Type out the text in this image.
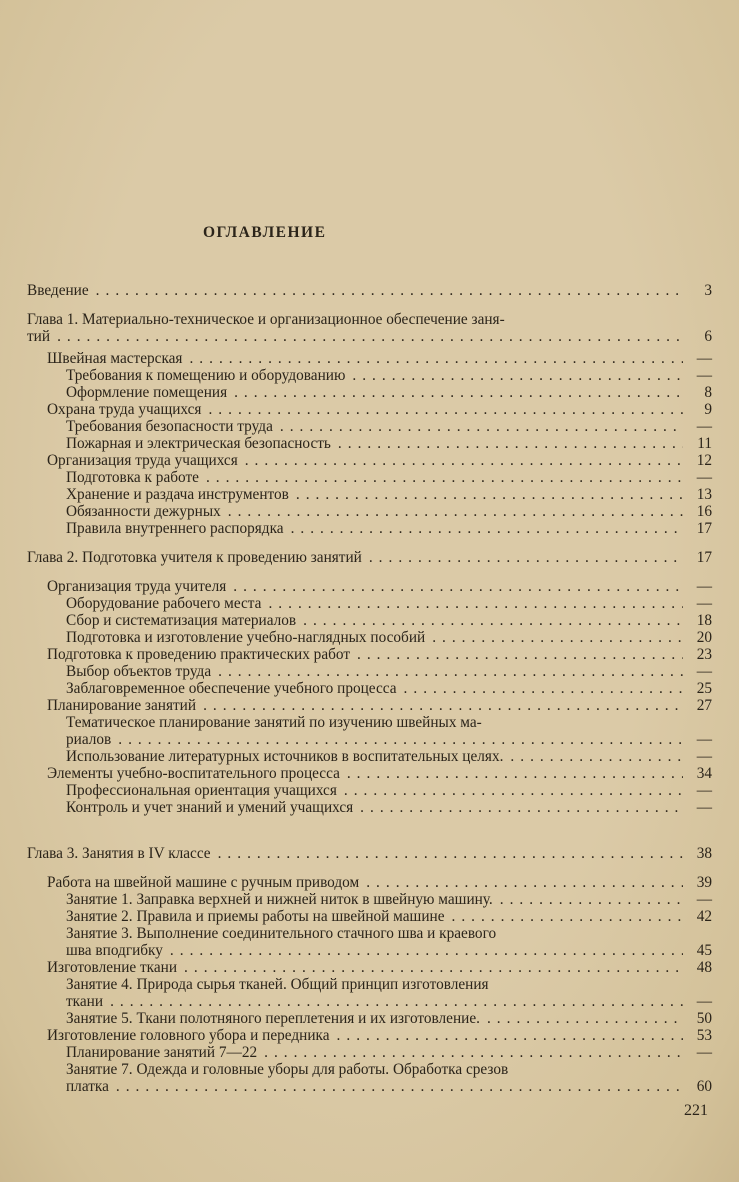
ОГЛАВЛЕНИЕ
Введение .....	3
Глава 1. Материально-техническое и организационное обеспечение заня-
тий .....	6
Швейная мастерская .....	—
Требования к помещению и оборудованию .....	—
Оформление помещения .....	8
Охрана труда учащихся .....	9
Требования безопасности труда .....	—
Пожарная и электрическая безопасность .....	11
Организация труда учащихся .....	12
Подготовка к работе .....	—
Хранение и раздача инструментов .....	13
Обязанности дежурных .....	16
Правила внутреннего распорядка .....	17
Глава 2. Подготовка учителя к проведению занятий .....	17
Организация труда учителя .....	—
Оборудование рабочего места .....	—
Сбор и систематизация материалов .....	18
Подготовка и изготовление учебно-наглядных пособий .....	20
Подготовка к проведению практических работ .....	23
Выбор объектов труда .....	—
Заблаговременное обеспечение учебного процесса .....	25
Планирование занятий .....	27
Тематическое планирование занятий по изучению швейных ма-
риалов .....	—
Использование литературных источников в воспитательных целях. .....	—
Элементы учебно-воспитательного процесса .....	34
Профессиональная ориентация учащихся .....	—
Контроль и учет знаний и умений учащихся .....	—
Глава 3. Занятия в IV классе .....	38
Работа на швейной машине с ручным приводом .....	39
Занятие 1. Заправка верхней и нижней ниток в швейную машину. .....	—
Занятие 2. Правила и приемы работы на швейной машине .....	42
Занятие 3. Выполнение соединительного стачного шва и краевого
шва вподгибку .....	45
Изготовление ткани .....	48
Занятие 4. Природа сырья тканей. Общий принцип изготовления
ткани .....	—
Занятие 5. Ткани полотняного переплетения и их изготовление. .....	50
Изготовление головного убора и передника .....	53
Планирование занятий 7—22 .....	—
Занятие 7. Одежда и головные уборы для работы. Обработка срезов
платка .....	60
221
